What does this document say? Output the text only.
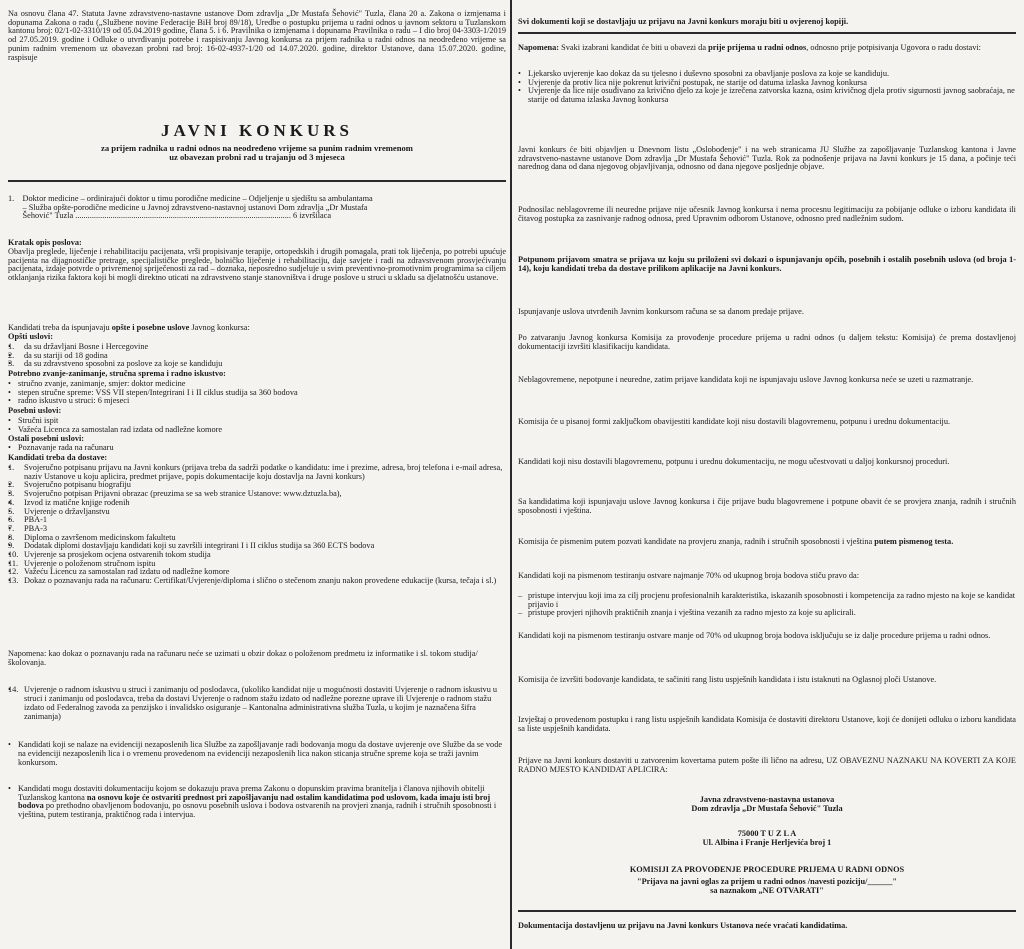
Na osnovu člana 47. Statuta Javne zdravstveno-nastavne ustanove Dom zdravlja „Dr Mustafa Šehović" Tuzla, člana 20 a. Zakona o izmjenama i dopunama Zakona o radu („Službene novine Federacije BiH broj 89/18), Uredbe o postupku prijema u radni odnos u javnom sektoru u Tuzlanskom kantonu broj: 02/1-02-3310/19 od 05.04.2019 godine, člana 5. i 6. Pravilnika o izmjenama i dopunama Pravilnika o radu – I dio broj 04-3303-1/2019 od 27.05.2019. godine i Odluke o utvrđivanju potrebe i raspisivanju Javnog konkursa za prijem radnika u radni odnos na neodređeno vrijeme sa punim radnim vremenom uz obavezan probni rad broj: 16-02-4937-1/20 od 14.07.2020. godine, direktor Ustanove, dana 15.07.2020. godine, raspisuje

JAVNI KONKURS
za prijem radnika u radni odnos na neodređeno vrijeme sa punim radnim vremenom
uz obavezan probni rad u trajanju od 3 mjeseca

1.    Doktor medicine – ordinirajući doktor u timu porodične medicine – Odjeljenje u sjedištu sa ambulantama
– Služba opšte-porodične medicine u Javnoj zdravstveno-nastavnoj ustanovi Dom zdravlja „Dr Mustafa
Šehović" Tuzla ........................................................................................................ 6 izvršilaca

Kratak opis poslova:

Obavlja preglede, liječenje i rehabilitaciju pacijenata, vrši propisivanje terapije, ortopedskih i drugih pomagala, prati tok liječenja, po potrebi upućuje pacijenta na dijagnostičke pretrage, specijalističke preglede, bolničko liječenje i rehabilitaciju, daje savjete i radi na zdravstvenom prosvjećivanju pacijenata, izdaje potvrde o privremenoj spriječenosti za rad – doznaka, neposredno sudjeluje u svim preventivno-promotivnim programima sa ciljem otklanjanja rizika faktora koji bi mogli direktno uticati na zdravstveno stanje stanovništva i druge poslove u struci u skladu sa djelatnošću ustanove.

Kandidati treba da ispunjavaju opšte i posebne uslove Javnog konkursa:

Opšti uslovi:

• 1. da su državljani Bosne i Hercegovine
• 2. da su stariji od 18 godina
• 3. da su zdravstveno sposobni za poslove za koje se kandiduju

Potrebno zvanje-zanimanje, stručna sprema i radno iskustvo:

• stručno zvanje, zanimanje, smjer: doktor medicine
• stepen stručne spreme: VSS VII stepen/Integrirani I i II ciklus studija sa 360 bodova
• radno iskustvo u struci: 6 mjeseci

Posebni uslovi:

• Stručni ispit
• Važeća Licenca za samostalan rad izdata od nadležne komore

Ostali posebni uslovi:

• Poznavanje rada na računaru

Kandidati treba da dostave:

• 1. Svojeručno potpisanu prijavu na Javni konkurs (prijava treba da sadrži podatke o kandidatu: ime i prezime, adresa, broj telefona i e-mail adresa, naziv Ustanove u koju aplicira, predmet prijave, popis dokumentacije koju dostavlja na Javni konkurs)
• 2. Svojeručno potpisanu biografiju
• 3. Svojeručno potpisan Prijavni obrazac (preuzima se sa web stranice Ustanove: www.dztuzla.ba),
• 4. Izvod iz matične knjige rođenih
• 5. Uvjerenje o državljanstvu
• 6. PBA-1
• 7. PBA-3
• 8. Diploma o završenom medicinskom fakultetu
• 9. Dodatak diplomi dostavljaju kandidati koji su završili integrirani I i II ciklus studija sa 360 ECTS bodova
• 10. Uvjerenje sa prosjekom ocjena ostvarenih tokom studija
• 11. Uvjerenje o položenom stručnom ispitu
• 12. Važeću Licencu za samostalan rad izdatu od nadležne komore
• 13. Dokaz o poznavanju rada na računaru: Certifikat/Uvjerenje/diploma i slično o stečenom znanju nakon provedene edukacije (kursa, tečaja i sl.)

Napomena: kao dokaz o poznavanju rada na računaru neće se uzimati u obzir dokaz o položenom predmetu iz informatike i sl. tokom studija/školovanja.

• 14. Uvjerenje o radnom iskustvu u struci i zanimanju od poslodavca, (ukoliko kandidat nije u mogućnosti dostaviti Uvjerenje o radnom iskustvu u struci i zanimanju od poslodavca, treba da dostavi Uvjerenje o radnom stažu izdato od nadležne porezne uprave ili Uvjerenje o radnom stažu izdato od Federalnog zavoda za penzijsko i invalidsko osiguranje – Kantonalna administrativna služba Tuzla, u kojim je naznačena šifra zanimanja)

• Kandidati koji se nalaze na evidenciji nezaposlenih lica Službe za zapošljavanje radi bodovanja mogu da dostave uvjerenje ove Službe da se vode na evidenciji nezaposlenih lica i o vremenu provedenom na evidenciji nezaposlenih lica nakon sticanja stručne spreme koja se traži javnim konkursom.

• Kandidati mogu dostaviti dokumentaciju kojom se dokazuju prava prema Zakonu o dopunskim pravima branitelja i članova njihovih obitelji Tuzlanskog kantona na osnovu koje će ostvariti prednost pri zapošljavanju nad ostalim kandidatima pod uslovom, kada imaju isti broj bodova po prethodno obavljenom bodovanju, po osnovu posebnih uslova i bodova ostvarenih na provjeri znanja, radnih i stručnih sposobnosti i vještina, putem testiranja, praktičnog rada i intervjua.

Svi dokumenti koji se dostavljaju uz prijavu na Javni konkurs moraju biti u ovjerenoj kopiji.

Napomena: Svaki izabrani kandidat će biti u obavezi da prije prijema u radni odnos, odnosno prije potpisivanja Ugovora o radu dostavi:

• Ljekarsko uvjerenje kao dokaz da su tjelesno i duševno sposobni za obavljanje poslova za koje se kandiduju.
• Uvjerenje da protiv lica nije pokrenut krivični postupak, ne starije od datuma izlaska Javnog konkursa
• Uvjerenje da lice nije osuđivano za krivično djelo za koje je izrečena zatvorska kazna, osim krivičnog djela protiv sigurnosti javnog saobraćaja, ne starije od datuma izlaska Javnog konkursa

Javni konkurs će biti objavljen u Dnevnom listu „Oslobođenje" i na web stranicama JU Službe za zapošljavanje Tuzlanskog kantona i Javne zdravstveno-nastavne ustanove Dom zdravlja „Dr Mustafa Šehović" Tuzla. Rok za podnošenje prijava na Javni konkurs je 15 dana, a počinje teći narednog dana od dana njegovog objavljivanja, odnosno od dana njegove posljednje objave.

Podnosilac neblagovreme ili neuredne prijave nije učesnik Javnog konkursa i nema procesnu legitimaciju za pobijanje odluke o izboru kandidata ili čitavog postupka za zasnivanje radnog odnosa, pred Upravnim odborom Ustanove, odnosno pred nadležnim sudom.

Potpunom prijavom smatra se prijava uz koju su priloženi svi dokazi o ispunjavanju općih, posebnih i ostalih posebnih uslova (od broja 1-14), koju kandidati treba da dostave prilikom aplikacije na Javni konkurs.

Ispunjavanje uslova utvrđenih Javnim konkursom računa se sa danom predaje prijave.

Po zatvaranju Javnog konkursa Komisija za provođenje procedure prijema u radni odnos (u daljem tekstu: Komisija) će prema dostavljenoj dokumentaciji izvršiti klasifikaciju kandidata.

Neblagovremene, nepotpune i neuredne, zatim prijave kandidata koji ne ispunjavaju uslove Javnog konkursa neće se uzeti u razmatranje.

Komisija će u pisanoj formi zaključkom obavijestiti kandidate koji nisu dostavili blagovremenu, potpunu i urednu dokumentaciju.

Kandidati koji nisu dostavili blagovremenu, potpunu i urednu dokumentaciju, ne mogu učestvovati u daljoj konkursnoj proceduri.

Sa kandidatima koji ispunjavaju uslove Javnog konkursa i čije prijave budu blagovremene i potpune obavit će se provjera znanja, radnih i stručnih sposobnosti i vještina.

Komisija će pismenim putem pozvati kandidate na provjeru znanja, radnih i stručnih sposobnosti i vještina putem pismenog testa.

Kandidati koji na pismenom testiranju ostvare najmanje 70% od ukupnog broja bodova stiču pravo da:

– pristupe intervjuu koji ima za cilj procjenu profesionalnih karakteristika, iskazanih sposobnosti i kompetencija za radno mjesto na koje se kandidat prijavio i
– pristupe provjeri njihovih praktičnih znanja i vještina vezanih za radno mjesto za koje su aplicirali.

Kandidati koji na pismenom testiranju ostvare manje od 70% od ukupnog broja bodova isključuju se iz dalje procedure prijema u radni odnos.

Komisija će izvršiti bodovanje kandidata, te sačiniti rang listu uspješnih kandidata i istu istaknuti na Oglasnoj ploči Ustanove.

Izvještaj o provedenom postupku i rang listu uspješnih kandidata Komisija će dostaviti direktoru Ustanove, koji će donijeti odluku o izboru kandidata sa liste uspješnih kandidata.

Prijave na Javni konkurs dostaviti u zatvorenim kovertama putem pošte ili lično na adresu, UZ OBAVEZNU NAZNAKU NA KOVERTI ZA KOJE RADNO MJESTO KANDIDAT APLICIRA:

Javna zdravstveno-nastavna ustanova
Dom zdravlja „Dr Mustafa Šehović" Tuzla

75000 T U Z L A
Ul. Albina i Franje Herljevića broj 1

KOMISIJI ZA PROVOĐENJE PROCEDURE PRIJEMA U RADNI ODNOS

"Prijava na javni oglas za prijem u radni odnos /navesti poziciju/______"
sa naznakom „NE OTVARATI"

Dokumentacija dostavljenu uz prijavu na Javni konkurs Ustanova neće vraćati kandidatima.
